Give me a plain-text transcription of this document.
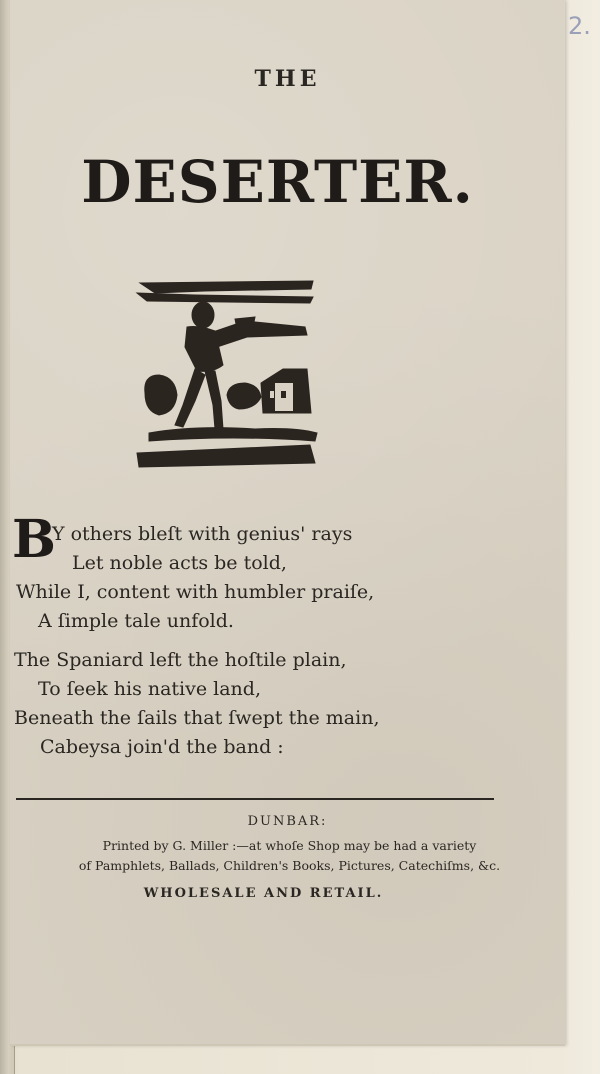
2.
THE
DESERTER.
B
Y others bleſt with genius' rays
Let noble acts be told,
While I, content with humbler praiſe,
A ſimple tale unfold.
The Spaniard left the hoſtile plain,
To ſeek his native land,
Beneath the ſails that ſwept the main,
Cabeysa join'd the band :
DUNBAR:
Printed by G. Miller :—at whoſe Shop may be had a variety
of Pamphlets, Ballads, Children's Books, Pictures, Catechiſms, &c.
WHOLESALE AND RETAIL.
